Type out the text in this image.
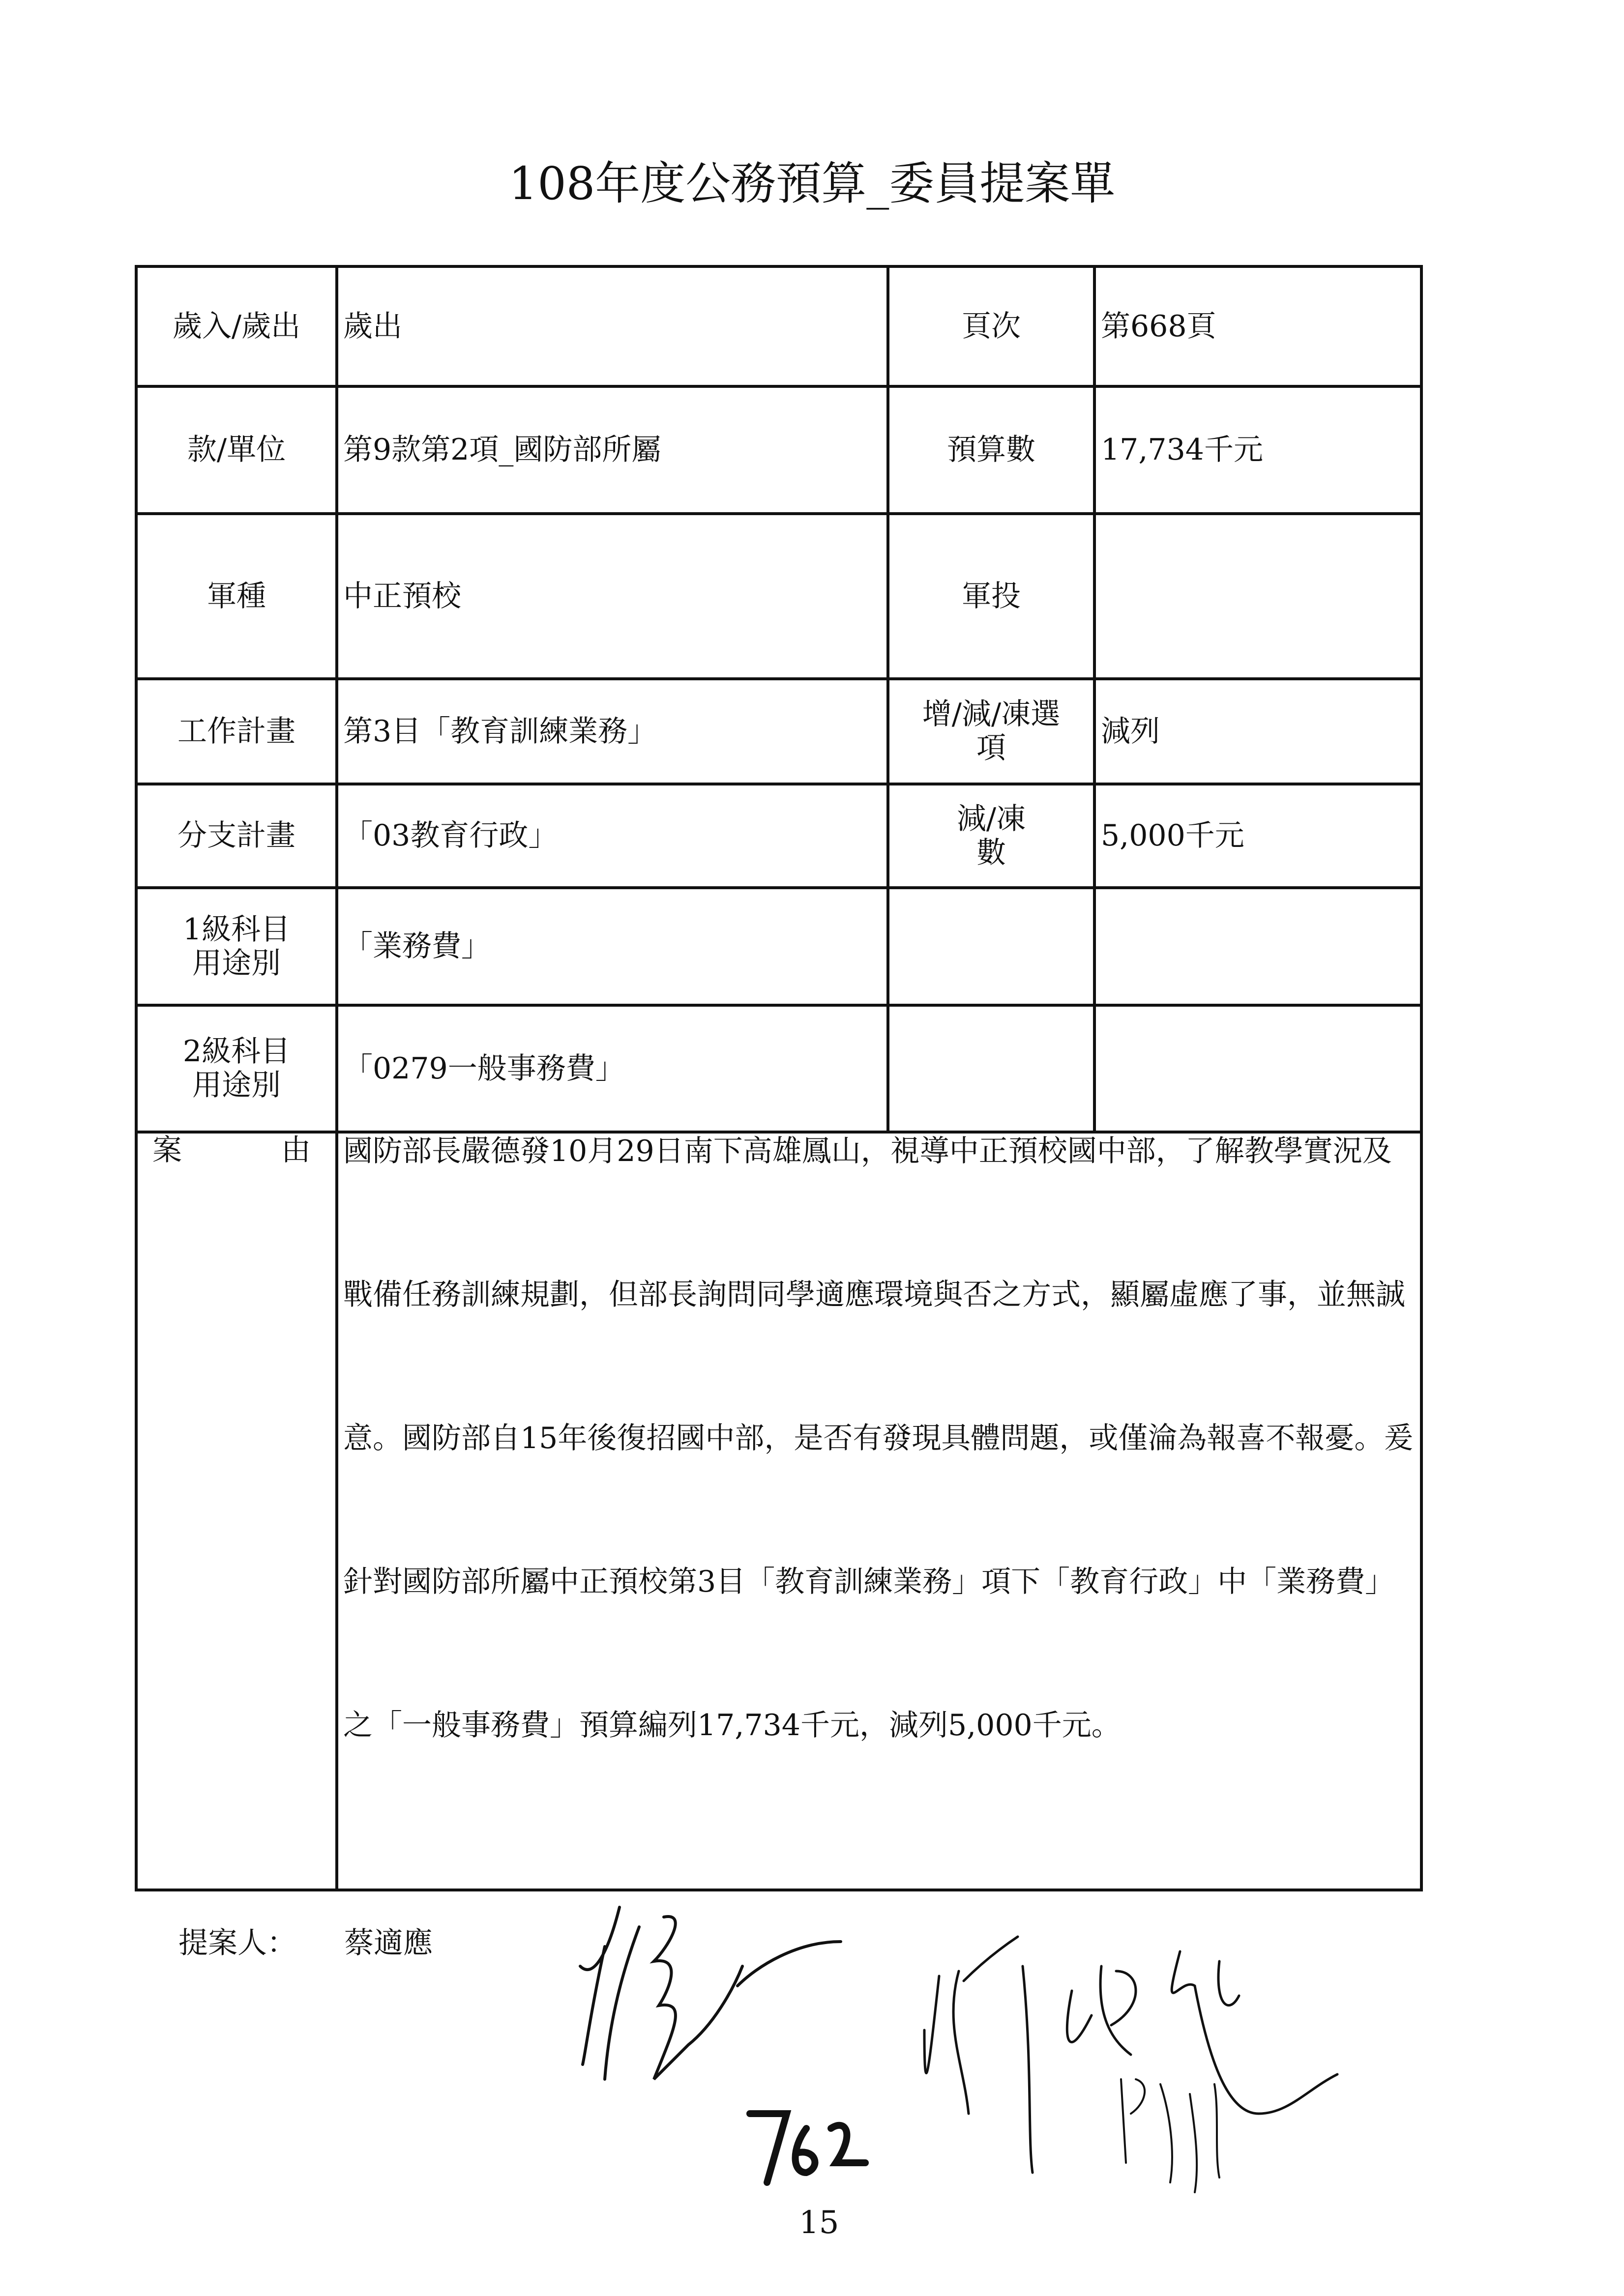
108年度公務預算_委員提案單
歲入/歲出	歲出	頁次	第668頁
款/單位	第9款第2項_國防部所屬	預算數	17,734千元
軍種	中正預校	軍投	
工作計畫	第3目「教育訓練業務」	增/減/凍選項	減列
分支計畫	「03教育行政」	減/凍數	5,000千元
1級科目用途別	「業務費」		
2級科目用途別	「0279一般事務費」		

案 由	國防部長嚴德發10月29日南下高雄鳳山，視導中正預校國中部，了解教學實況及戰備任務訓練規劃，但部長詢問同學適應環境與否之方式，顯屬虛應了事，並無誠意。國防部自15年後復招國中部，是否有發現具體問題，或僅淪為報喜不報憂。爰針對國防部所屬中正預校第3目「教育訓練業務」項下「教育行政」中「業務費」之「一般事務費」預算編列17,734千元，減列5,000千元。		
提案人： 蔡適應
15
